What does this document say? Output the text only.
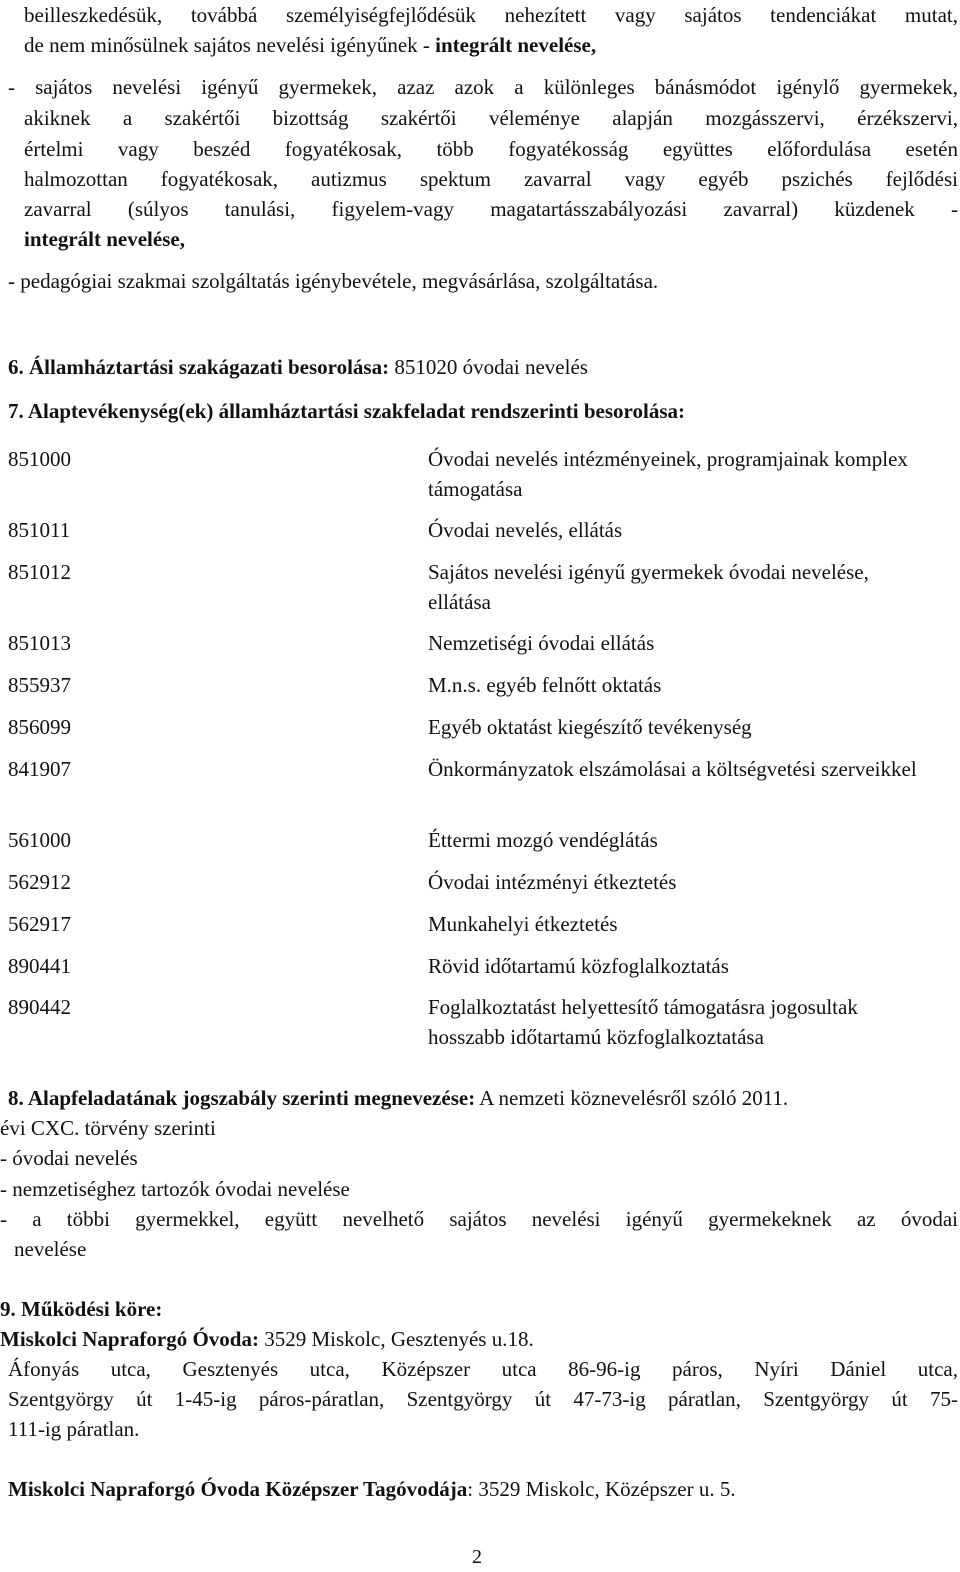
beilleszkedésük, továbbá személyiségfejlődésük nehezített vagy sajátos tendenciákat mutat,

de nem minősülnek sajátos nevelési igényűnek - integrált nevelése,

- sajátos nevelési igényű gyermekek, azaz azok a különleges bánásmódot igénylő gyermekek,

akiknek a szakértői bizottság szakértői véleménye alapján mozgásszervi, érzékszervi,

értelmi vagy beszéd fogyatékosak, több fogyatékosság együttes előfordulása esetén

halmozottan fogyatékosak, autizmus spektum zavarral vagy egyéb pszichés fejlődési

zavarral (súlyos tanulási, figyelem-vagy magatartásszabályozási zavarral) küzdenek -

integrált nevelése,

- pedagógiai szakmai szolgáltatás igénybevétele, megvásárlása, szolgáltatása.

6. Államháztartási szakágazati besorolása: 851020 óvodai nevelés

7. Alaptevékenység(ek) államháztartási szakfeladat rendszerinti besorolása:

851000	Óvodai nevelés intézményeinek, programjainak komplex támogatása
851011	Óvodai nevelés, ellátás
851012	Sajátos nevelési igényű gyermekek óvodai nevelése, ellátása
851013	Nemzetiségi óvodai ellátás
855937	M.n.s. egyéb felnőtt oktatás
856099	Egyéb oktatást kiegészítő tevékenység
841907	Önkormányzatok elszámolásai a költségvetési szerveikkel
561000	Éttermi mozgó vendéglátás
562912	Óvodai intézményi étkeztetés
562917	Munkahelyi étkeztetés
890441	Rövid időtartamú közfoglalkoztatás
890442	Foglalkoztatást helyettesítő támogatásra jogosultak hosszabb időtartamú közfoglalkoztatása

8. Alapfeladatának jogszabály szerinti megnevezése: A nemzeti köznevelésről szóló 2011.

évi CXC. törvény szerinti

- óvodai nevelés

- nemzetiséghez tartozók óvodai nevelése

- a többi gyermekkel, együtt nevelhető sajátos nevelési igényű gyermekeknek az óvodai

nevelése

9. Működési köre:

Miskolci Napraforgó Óvoda: 3529 Miskolc, Gesztenyés u.18.

Áfonyás utca, Gesztenyés utca, Középszer utca 86-96-ig páros, Nyíri Dániel utca,

Szentgyörgy út 1-45-ig páros-páratlan, Szentgyörgy út 47-73-ig páratlan, Szentgyörgy út 75-

111-ig páratlan.

Miskolci Napraforgó Óvoda Középszer Tagóvodája: 3529 Miskolc, Középszer u. 5.

2
